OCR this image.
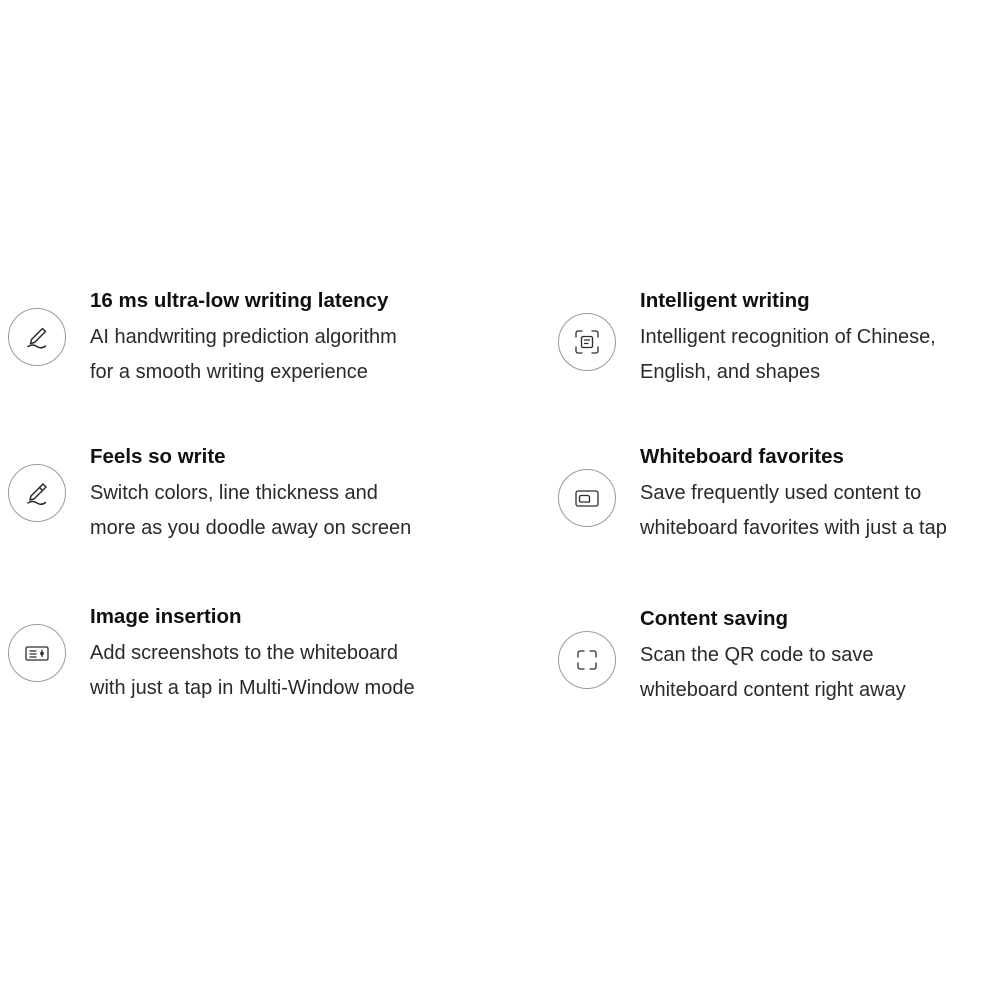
16 ms ultra-low writing latency
AI handwriting prediction algorithm
for a smooth writing experience
Intelligent writing
Intelligent recognition of Chinese,
English, and shapes
Feels so write
Switch colors, line thickness and
more as you doodle away on screen
Whiteboard favorites
Save frequently used content to
whiteboard favorites with just a tap
Image insertion
Add screenshots to the whiteboard
with just a tap in Multi-Window mode
Content saving
Scan the QR code to save
whiteboard content right away
